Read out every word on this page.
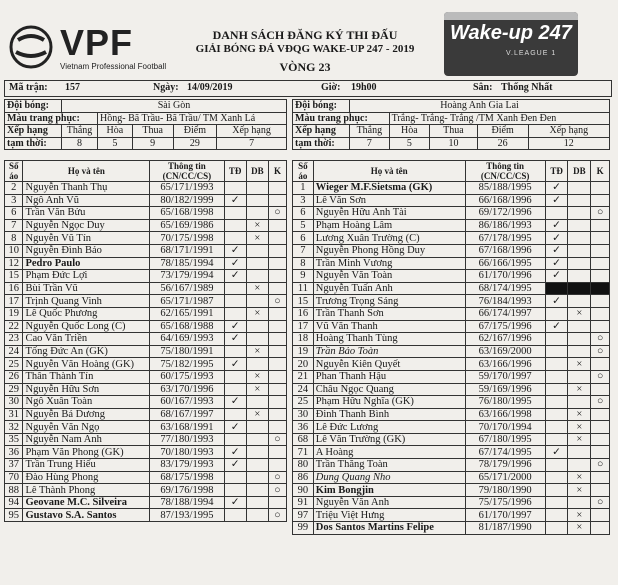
VPF
Vietnam Professional Football
DANH SÁCH ĐĂNG KÝ THI ĐẤU
GIẢI BÓNG ĐÁ VĐQG WAKE-UP 247 - 2019
VÒNG 23
Wake-up 247
V.LEAGUE 1
Mã trận: 157	Ngày: 14/09/2019	Giờ: 19h00	Sân: Thống Nhất
Đội bóng:	Sài Gòn				
Màu trang phục:		Hồng- Bã Trầu- Bã Trầu/ TM Xanh Lá			
Xếp hạng	Thắng	Hòa	Thua	Điểm	Xếp hạng
tạm thời:	8	5	9	29	7
Đội bóng:	Hoàng Anh Gia Lai				
Màu trang phục:		Trắng- Trắng- Trắng /TM Xanh Đen Đen			
Xếp hạng	Thắng	Hòa	Thua	Điểm	Xếp hạng
tạm thời:	7	5	10	26	12
Số
áo	Họ và tên	Thông tin
(CN/CC/CS)	TĐ	DB	K
2	Nguyễn Thanh Thụ	65/171/1993			
3	Ngô Anh Vũ	80/182/1999	✓		
6	Trần Văn Bửu	65/168/1998			○
7	Nguyễn Ngọc Duy	65/169/1986		×	
8	Nguyễn Vũ Tín	70/175/1998		×	
10	Nguyễn Đình Bảo	68/171/1991	✓		
12	Pedro Paulo	78/185/1994	✓		
15	Phạm Đức Lợi	73/179/1994	✓		
16	Bùi Trần Vũ	56/167/1989		×	
17	Trịnh Quang Vinh	65/171/1987			○
19	Lê Quốc Phương	62/165/1991		×	
22	Nguyễn Quốc Long (C)	65/168/1988	✓		
23	Cao Văn Triền	64/169/1993	✓		
24	Tống Đức An (GK)	75/180/1991		×	
25	Nguyễn Văn Hoàng (GK)	75/182/1995	✓		
26	Thân Thành Tín	60/175/1993		×	
29	Nguyễn Hữu Sơn	63/170/1996		×	
30	Ngô Xuân Toàn	60/167/1993	✓		
31	Nguyễn Bá Dương	68/167/1997		×	
32	Nguyễn Văn Ngọ	63/168/1991	✓		
35	Nguyễn Nam Anh	77/180/1993			○
36	Phạm Văn Phong (GK)	70/180/1993	✓		
37	Trần Trung Hiếu	83/179/1993	✓		
70	Đào Hùng Phong	68/175/1998			○
88	Lê Thành Phong	69/176/1998			○
94	Geovane M.C. Silveira	78/188/1994	✓		
95	Gustavo S.A. Santos	87/193/1995			○
Số
áo	Họ và tên	Thông tin
(CN/CC/CS)	TĐ	DB	K
1	Wieger M.F.Sietsma (GK)	85/188/1995	✓		
3	Lê Văn Sơn	66/168/1996	✓		
6	Nguyễn Hữu Anh Tài	69/172/1996			○
5	Phạm Hoàng Lâm	86/186/1993	✓		
6	Lương Xuân Trường (C)	67/178/1995	✓		
7	Nguyễn Phong Hồng Duy	67/168/1996	✓		
8	Trần Minh Vương	66/166/1995	✓		
9	Nguyễn Văn Toàn	61/170/1996	✓		
11	Nguyễn Tuấn Anh	68/174/1995			
15	Trương Trọng Sáng	76/184/1993	✓		
16	Trần Thanh Sơn	66/174/1997		×	
17	Vũ Văn Thanh	67/175/1996	✓		
18	Hoàng Thanh Tùng	62/167/1996			○
19	Trần Bảo Toàn	63/169/2000			○
20	Nguyễn Kiên Quyết	63/166/1996		×	
21	Phan Thanh Hậu	59/170/1997			○
24	Châu Ngọc Quang	59/169/1996		×	
25	Phạm Hữu Nghĩa (GK)	76/180/1995			○
30	Đinh Thanh Bình	63/166/1998		×	
36	Lê Đức Lương	70/170/1994		×	
68	Lê Văn Trường (GK)	67/180/1995		×	
71	A Hoàng	67/174/1995	✓		
80	Trần Thăng Toàn	78/179/1996			○
86	Dung Quang Nho	65/171/2000		×	
90	Kim Bongjin	79/180/1990		×	
91	Nguyễn Văn Anh	75/175/1996			○
97	Triệu Việt Hưng	61/170/1997		×	
99	Dos Santos Martins Felipe	81/187/1990		×	
